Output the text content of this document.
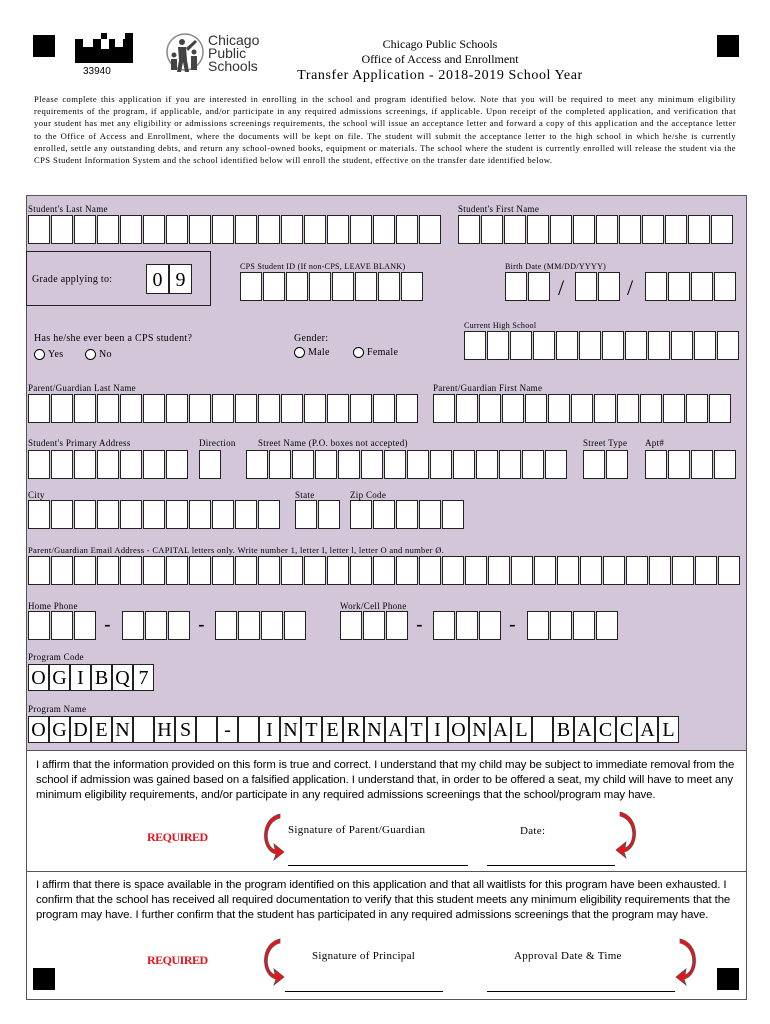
33940
Chicago
Public
Schools
Chicago Public Schools
Office of Access and Enrollment
Transfer Application - 2018-2019 School Year
Please complete this application if you are interested in enrolling in the school and program identified below. Note that you will be required to meet any minimum eligibility requirements of the program, if applicable, and/or participate in any required admissions screenings, if applicable. Upon receipt of the completed application, and verification that your student has met any eligibility or admissions screenings requirements, the school will issue an acceptance letter and forward a copy of this application and the acceptance letter to the Office of Access and Enrollment, where the documents will be kept on file. The student will submit the acceptance letter to the high school in which he/she is currently enrolled, settle any outstanding debts, and return any school-owned books, equipment or materials. The school where the student is currently enrolled will release the student via the CPS Student Information System and the school identified below will enroll the student, effective on the transfer date identified below.
Student's Last Name	Student's First Name
Grade applying to:	0 9
CPS Student ID (If non-CPS, LEAVE BLANK)	Birth Date (MM/DD/YYYY)
/	/
Has he/she ever been a CPS student?
Yes	No
Gender:
Male	Female
Current High School
Parent/Guardian Last Name	Parent/Guardian First Name
Student's Primary Address	Direction Street Name (P.O. boxes not accepted)	Street Type Apt#
City	State	Zip Code
Parent/Guardian Email Address - CAPITAL letters only. Write number 1, letter I, letter l, letter O and number Ø.
Home Phone	Work/Cell Phone
-	-	-	-
Program Code
O G I B Q 7
Program Name
O G D E N H S	-	I N T E R N A T I O N A L B A C C A L
I affirm that the information provided on this form is true and correct. I understand that my child may be subject to immediate removal from the school if admission was gained based on a falsified application. I understand that, in order to be offered a seat, my child will have to meet any minimum eligibility requirements, and/or participate in any required admissions screenings that the school/program may have.
REQUIRED	Signature of Parent/Guardian	Date:
I affirm that there is space available in the program identified on this application and that all waitlists for this program have been exhausted. I confirm that the school has received all required documentation to verify that this student meets any minimum eligibility requirements that the program may have. I further confirm that the student has participated in any required admissions screenings that the program may have.
REQUIRED	Signature of Principal	Approval Date & Time
